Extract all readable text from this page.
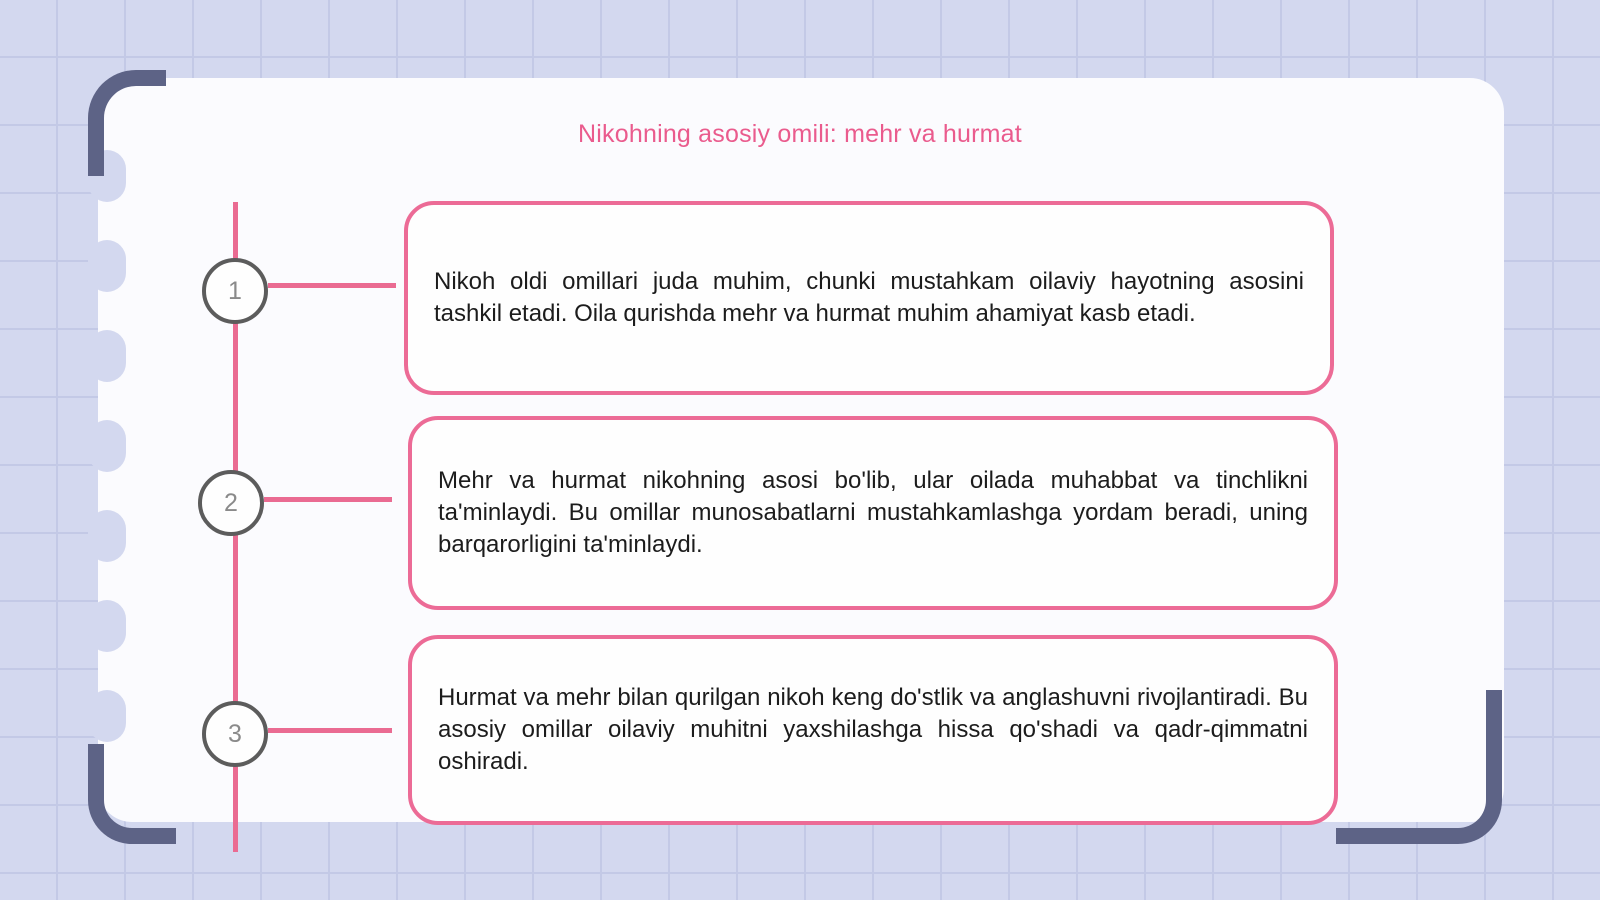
Nikohning asosiy omili: mehr va hurmat
1
2
3

Nikoh oldi omillari juda muhim, chunki mustahkam oilaviy hayotning asosini tashkil etadi. Oila qurishda mehr va hurmat muhim ahamiyat kasb etadi.

Mehr va hurmat nikohning asosi bo'lib, ular oilada muhabbat va tinchlikni ta'minlaydi. Bu omillar munosabatlarni mustahkamlashga yordam beradi, uning barqarorligini ta'minlaydi.

Hurmat va mehr bilan qurilgan nikoh keng do'stlik va anglashuvni rivojlantiradi. Bu asosiy omillar oilaviy muhitni yaxshilashga hissa qo'shadi va qadr-qimmatni oshiradi.
